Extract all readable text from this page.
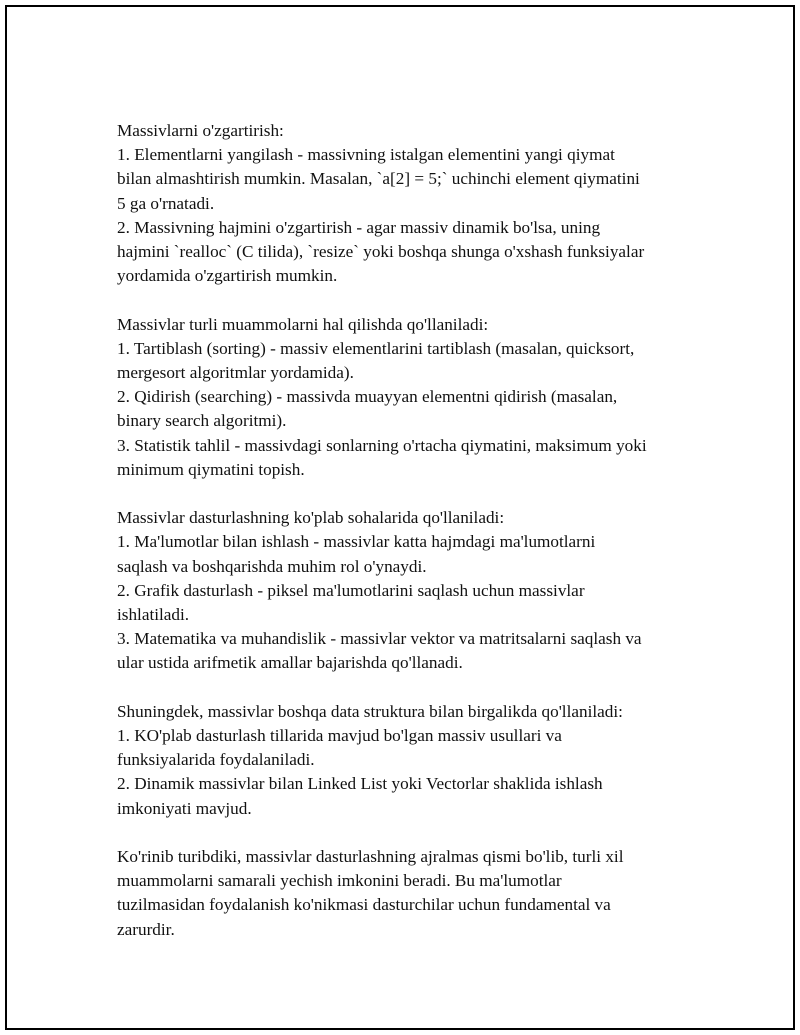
Massivlarni o'zgartirish:
1. Elementlarni yangilash - massivning istalgan elementini yangi qiymat
bilan almashtirish mumkin. Masalan, `a[2] = 5;` uchinchi element qiymatini
5 ga o'rnatadi.
2. Massivning hajmini o'zgartirish - agar massiv dinamik bo'lsa, uning
hajmini `realloc` (C tilida), `resize` yoki boshqa shunga o'xshash funksiyalar
yordamida o'zgartirish mumkin.
Massivlar turli muammolarni hal qilishda qo'llaniladi:
1. Tartiblash (sorting) - massiv elementlarini tartiblash (masalan, quicksort,
mergesort algoritmlar yordamida).
2. Qidirish (searching) - massivda muayyan elementni qidirish (masalan,
binary search algoritmi).
3. Statistik tahlil - massivdagi sonlarning o'rtacha qiymatini, maksimum yoki
minimum qiymatini topish.
Massivlar dasturlashning ko'plab sohalarida qo'llaniladi:
1. Ma'lumotlar bilan ishlash - massivlar katta hajmdagi ma'lumotlarni
saqlash va boshqarishda muhim rol o'ynaydi.
2. Grafik dasturlash - piksel ma'lumotlarini saqlash uchun massivlar
ishlatiladi.
3. Matematika va muhandislik - massivlar vektor va matritsalarni saqlash va
ular ustida arifmetik amallar bajarishda qo'llanadi.
Shuningdek, massivlar boshqa data struktura bilan birgalikda qo'llaniladi:
1. KO'plab dasturlash tillarida mavjud bo'lgan massiv usullari va
funksiyalarida foydalaniladi.
2. Dinamik massivlar bilan Linked List yoki Vectorlar shaklida ishlash
imkoniyati mavjud.
Ko'rinib turibdiki, massivlar dasturlashning ajralmas qismi bo'lib, turli xil
muammolarni samarali yechish imkonini beradi. Bu ma'lumotlar
tuzilmasidan foydalanish ko'nikmasi dasturchilar uchun fundamental va
zarurdir.
